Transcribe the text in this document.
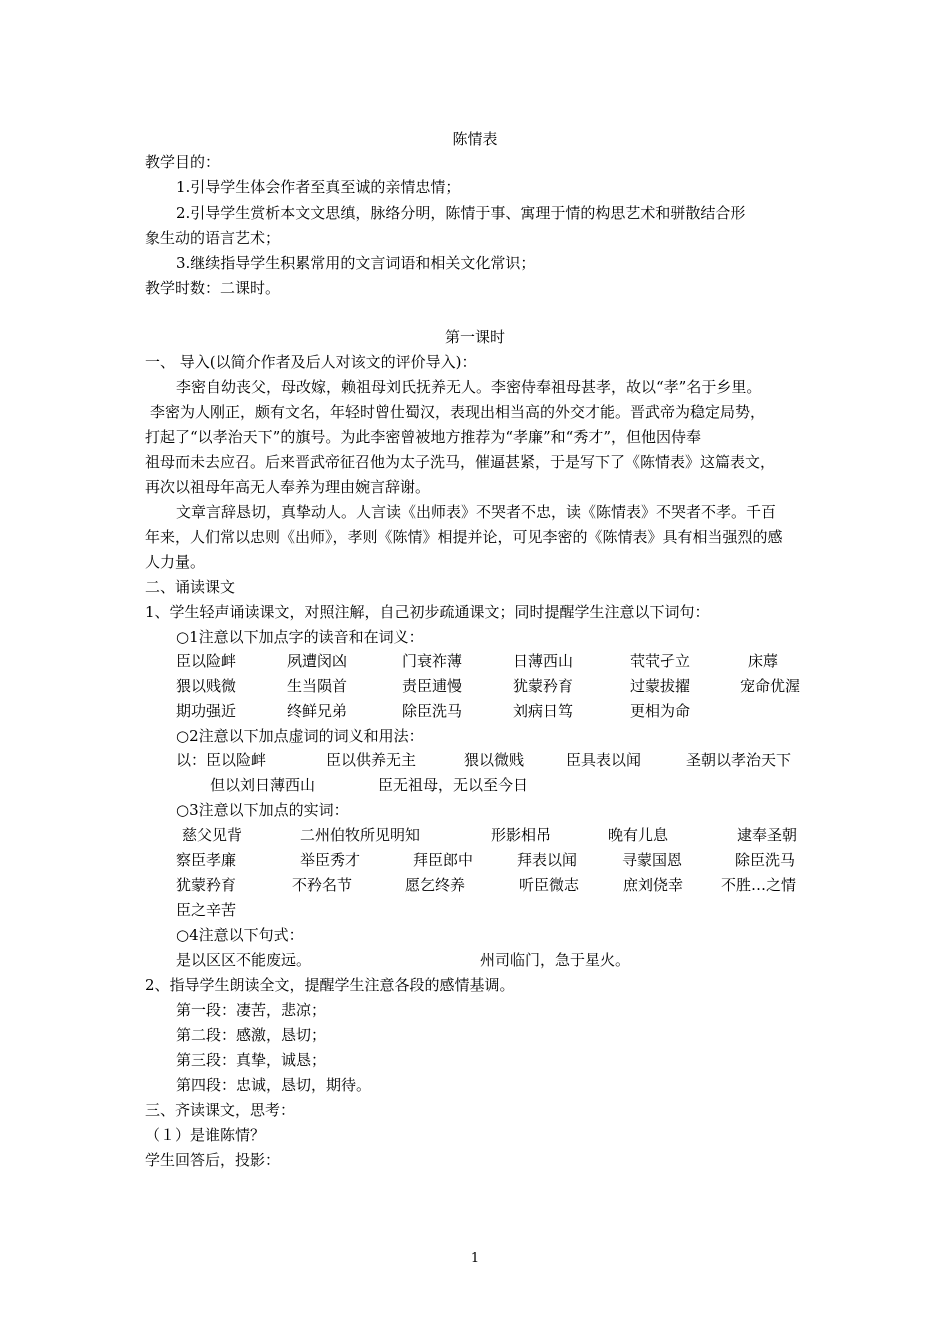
陈情表
教学目的：
1.引导学生体会作者至真至诚的亲情忠情；
2.引导学生赏析本文文思缜，脉络分明，陈情于事、寓理于情的构思艺术和骈散结合形
象生动的语言艺术；
3.继续指导学生积累常用的文言词语和相关文化常识；
教学时数：二课时。
第一课时
一、 导入(以简介作者及后人对该文的评价导入)：
李密自幼丧父，母改嫁，赖祖母刘氏抚养无人。李密侍奉祖母甚孝，故以“孝”名于乡里。
李密为人刚正，颇有文名，年轻时曾仕蜀汉，表现出相当高的外交才能。晋武帝为稳定局势，
打起了“以孝治天下”的旗号。为此李密曾被地方推荐为“孝廉”和“秀才”，但他因侍奉
祖母而未去应召。后来晋武帝征召他为太子洗马，催逼甚紧，于是写下了《陈情表》这篇表文，
再次以祖母年高无人奉养为理由婉言辞谢。
文章言辞恳切，真挚动人。人言读《出师表》不哭者不忠，读《陈情表》不哭者不孝。千百
年来，人们常以忠则《出师》，孝则《陈情》相提并论，可见李密的《陈情表》具有相当强烈的感
人力量。
二、诵读课文
1、学生轻声诵读课文，对照注解，自己初步疏通课文；同时提醒学生注意以下词句：
○1注意以下加点字的读音和在词义：
臣以险衅	夙遭闵凶	门衰祚薄	日薄西山	茕茕孑立	床蓐
猥以贱微	生当陨首	责臣逋慢	犹蒙矜育	过蒙拔擢	宠命优渥
期功强近	终鲜兄弟	除臣洗马	刘病日笃	更相为命
○2注意以下加点虚词的词义和用法：
以：臣以险衅	臣以供养无主	猥以微贱	臣具表以闻	圣朝以孝治天下
但以刘日薄西山	臣无祖母，无以至今日
○3注意以下加点的实词：
慈父见背	二州伯牧所见明知	形影相吊	晚有儿息	逮奉圣朝
察臣孝廉	举臣秀才	拜臣郎中	拜表以闻	寻蒙国恩	除臣洗马
犹蒙矜育	不矜名节	愿乞终养	听臣微志	庶刘侥幸	不胜…之情
臣之辛苦
○4注意以下句式：
是以区区不能废远。	州司临门，急于星火。
2、指导学生朗读全文，提醒学生注意各段的感情基调。
第一段：凄苦，悲凉；
第二段：感激，恳切；
第三段：真挚，诚恳；
第四段：忠诚，恳切，期待。
三、齐读课文，思考：
（１）是谁陈情？
学生回答后，投影：
1
